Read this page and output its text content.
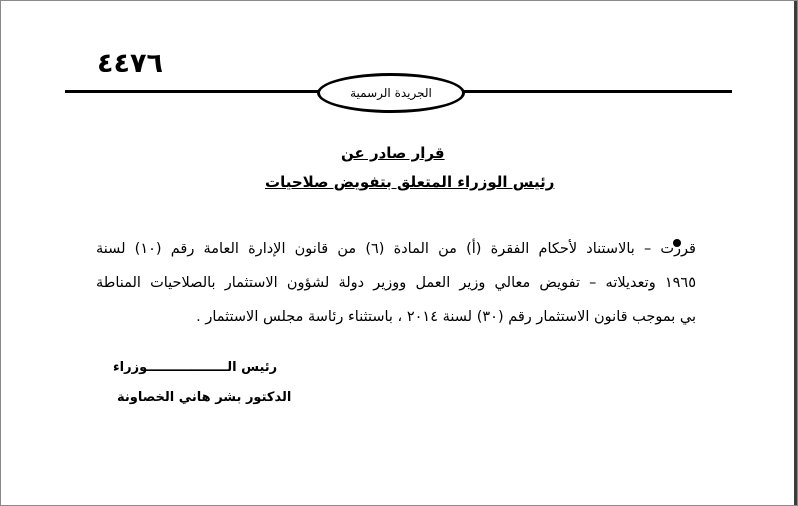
٤٤٧٦
الجريدة الرسمية
قرار صادر عن
رئيس الوزراء المتعلق بتفويض صلاحيات
قررت – بالاستناد لأحكام الفقرة (أ) من المادة (٦) من قانون الإدارة العامة رقم (١٠) لسنة
١٩٦٥ وتعديلاته – تفويض معالي وزير العمل ووزير دولة لشؤون الاستثمار بالصلاحيات المناطة
بي بموجب قانون الاستثمار رقم (٣٠) لسنة ٢٠١٤ ، باستثناء رئاسة مجلس الاستثمار .
رئيس الــــــــــــــــــوزراء
الدكتور بشر هاني الخصاونة
